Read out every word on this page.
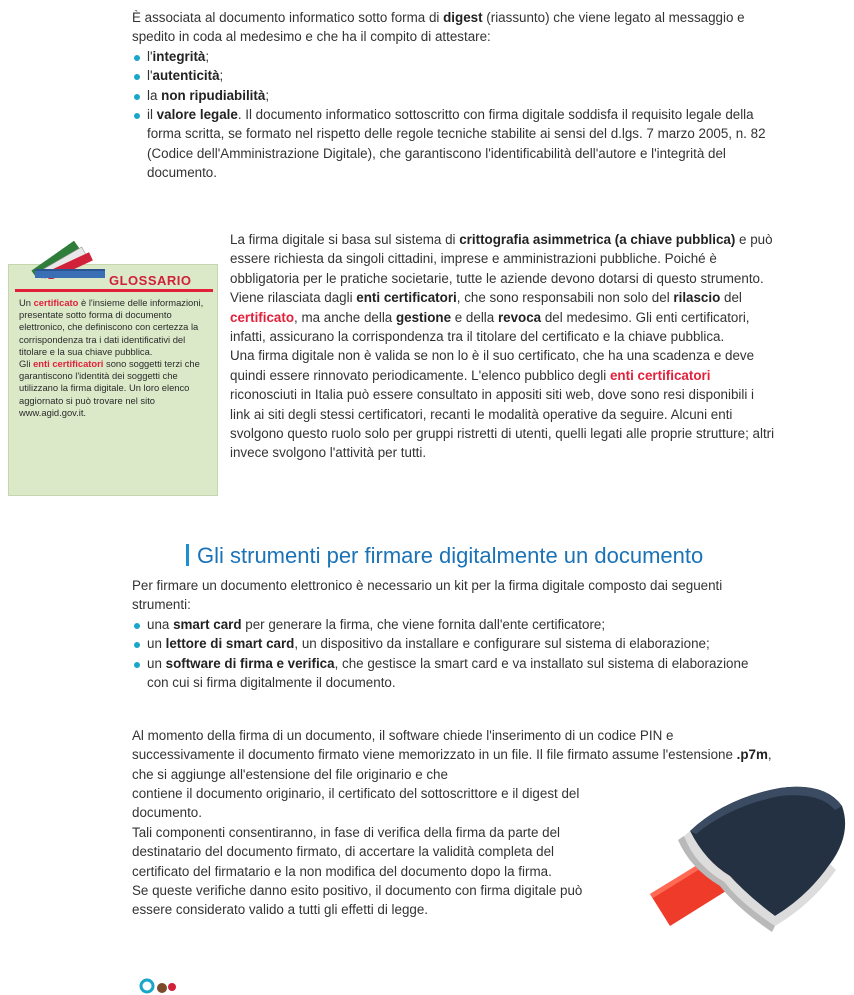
È associata al documento informatico sotto forma di digest (riassunto) che viene legato al messaggio e spedito in coda al medesimo e che ha il compito di attestare:

l'integrità;
l'autenticità;
la non ripudiabilità;
il valore legale. Il documento informatico sottoscritto con firma digitale soddisfa il requisito legale della forma scritta, se formato nel rispetto delle regole tecniche stabilite ai sensi del d.lgs. 7 marzo 2005, n. 82 (Codice dell'Amministrazione Digitale), che garantiscono l'identificabilità dell'autore e l'integrità del documento.
GLOSSARIO

Un certificato è l'insieme delle informazioni, presentate sotto forma di documento elettronico, che definiscono con certezza la corrispondenza tra i dati identificativi del titolare e la sua chiave pubblica.

Gli enti certificatori sono soggetti terzi che garantiscono l'identità dei soggetti che utilizzano la firma digitale. Un loro elenco aggiornato si può trovare nel sito www.agid.gov.it.

La firma digitale si basa sul sistema di crittografia asimmetrica (a chiave pubblica) e può essere richiesta da singoli cittadini, imprese e amministrazioni pubbliche. Poiché è obbligatoria per le pratiche societarie, tutte le aziende devono dotarsi di questo strumento. Viene rilasciata dagli enti certificatori, che sono responsabili non solo del rilascio del certificato, ma anche della gestione e della revoca del medesimo. Gli enti certificatori, infatti, assicurano la corrispondenza tra il titolare del certificato e la chiave pubblica.

Una firma digitale non è valida se non lo è il suo certificato, che ha una scadenza e deve quindi essere rinnovato periodicamente. L'elenco pubblico degli enti certificatori riconosciuti in Italia può essere consultato in appositi siti web, dove sono resi disponibili i link ai siti degli stessi certificatori, recanti le modalità operative da seguire. Alcuni enti svolgono questo ruolo solo per gruppi ristretti di utenti, quelli legati alle proprie strutture; altri invece svolgono l'attività per tutti.

Gli strumenti per firmare digitalmente un documento

Per firmare un documento elettronico è necessario un kit per la firma digitale composto dai seguenti strumenti:

una smart card per generare la firma, che viene fornita dall'ente certificatore;
un lettore di smart card, un dispositivo da installare e configurare sul sistema di elaborazione;
un software di firma e verifica, che gestisce la smart card e va installato sul sistema di elaborazione con cui si firma digitalmente il documento.

Al momento della firma di un documento, il software chiede l'inserimento di un codice PIN e successivamente il documento firmato viene memorizzato in un file. Il file firmato assume l'estensione .p7m, che si aggiunge all'estensione del file originario e che

contiene il documento originario, il certificato del sottoscrittore e il digest del documento.

Tali componenti consentiranno, in fase di verifica della firma da parte del destinatario del documento firmato, di accertare la validità completa del certificato del firmatario e la non modifica del documento dopo la firma.

Se queste verifiche danno esito positivo, il documento con firma digitale può essere considerato valido a tutti gli effetti di legge.
